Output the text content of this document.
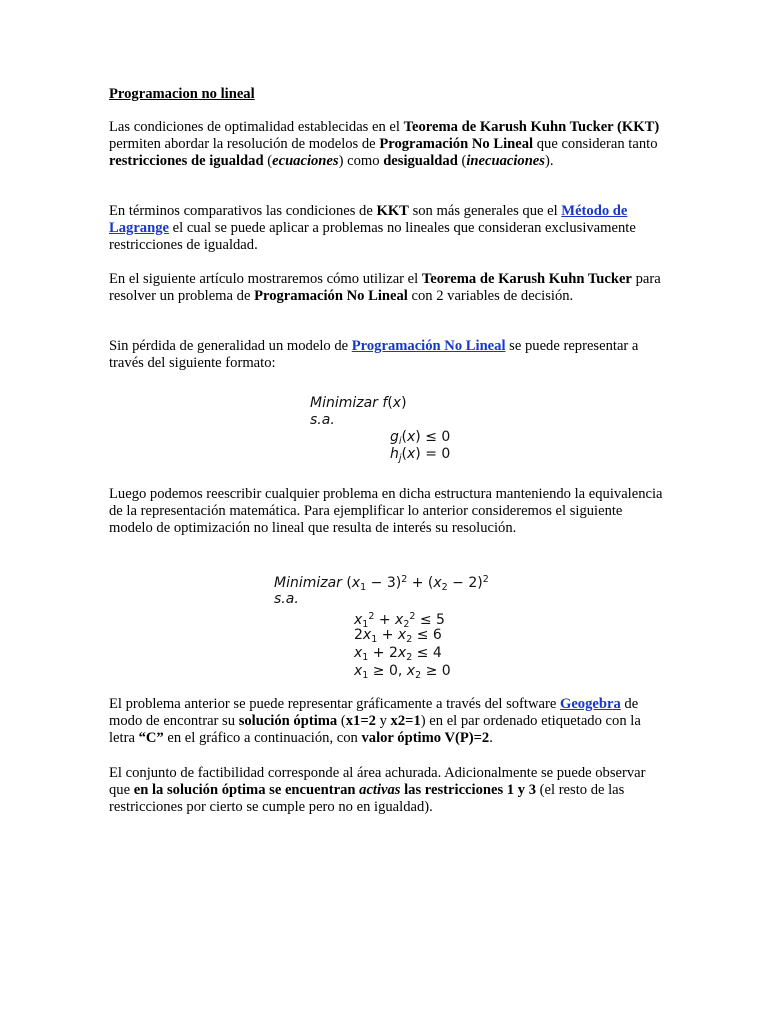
Programacion no lineal

Las condiciones de optimalidad establecidas en el Teorema de Karush Kuhn Tucker (KKT) permiten abordar la resolución de modelos de Programación No Lineal que consideran tanto restricciones de igualdad (ecuaciones) como desigualdad (inecuaciones).

En términos comparativos las condiciones de KKT son más generales que el Método de Lagrange el cual se puede aplicar a problemas no lineales que consideran exclusivamente restricciones de igualdad.

En el siguiente artículo mostraremos cómo utilizar el Teorema de Karush Kuhn Tucker para resolver un problema de Programación No Lineal con 2 variables de decisión.

Sin pérdida de generalidad un modelo de Programación No Lineal se puede representar a través del siguiente formato:

Minimizar f(x)
s.a.
$g_i(x) \le 0$
$h_j(x) = 0$

Luego podemos reescribir cualquier problema en dicha estructura manteniendo la equivalencia de la representación matemática. Para ejemplificar lo anterior consideremos el siguiente modelo de optimización no lineal que resulta de interés su resolución.

Minimizar $(x_1 - 3)^2 + (x_2 - 2)^2$
s.a.
$x_1^2 + x_2^2 \le 5$
$2x_1 + x_2 \le 6$
$x_1 + 2x_2 \le 4$
$x_1 \ge 0$, $x_2 \ge 0$

El problema anterior se puede representar gráficamente a través del software Geogebra de modo de encontrar su solución óptima (x1=2 y x2=1) en el par ordenado etiquetado con la letra “C” en el gráfico a continuación, con valor óptimo V(P)=2.

El conjunto de factibilidad corresponde al área achurada. Adicionalmente se puede observar que en la solución óptima se encuentran activas las restricciones 1 y 3 (el resto de las restricciones por cierto se cumple pero no en igualdad).
